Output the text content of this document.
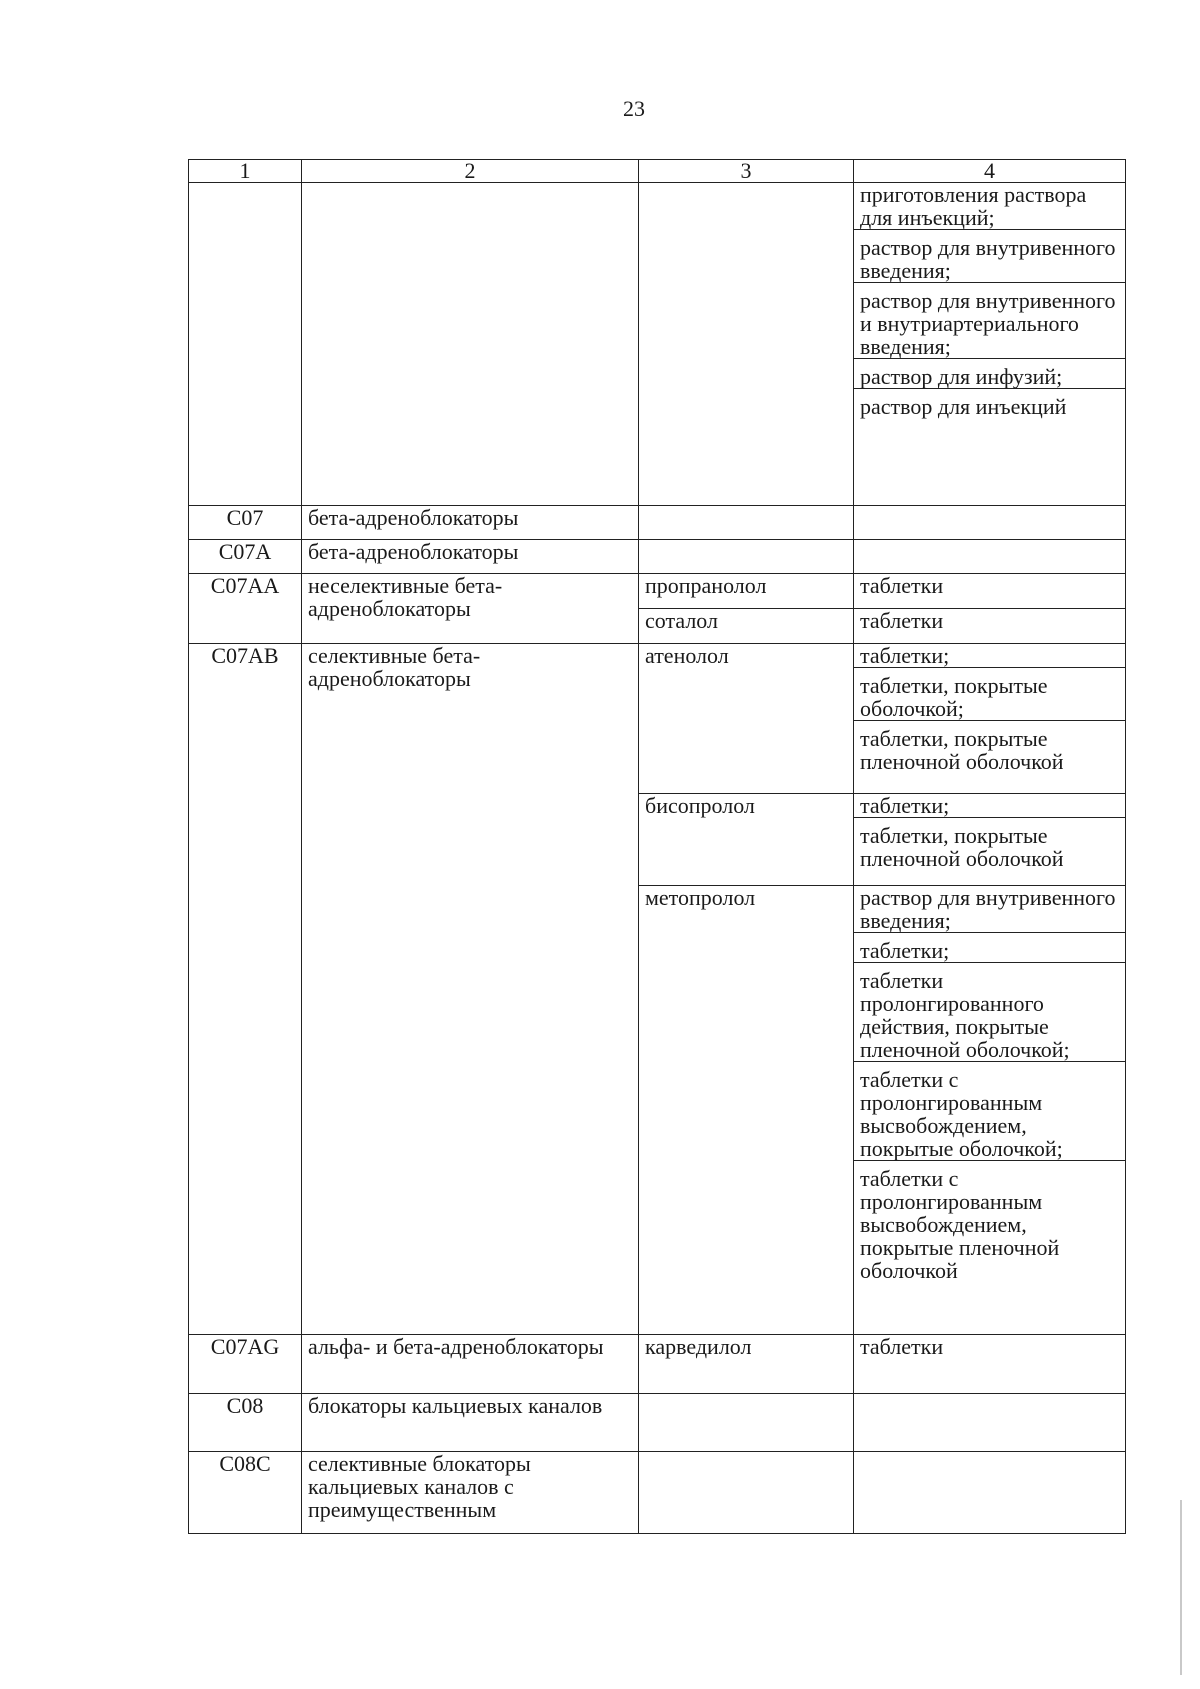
23
1	2	3	4

			приготовления раствора для инъекций;
раствор для внутривенного введения;
раствор для внутривенного и внутриартериального введения;
раствор для инфузий;
раствор для инъекций

C07	бета-адреноблокаторы		
C07A	бета-адреноблокаторы		
C07AA	неселективные бета-адреноблокаторы	пропранолол	таблетки
		соталол	таблетки
C07AB	селективные бета-адреноблокаторы	атенолол	таблетки;
таблетки, покрытые оболочкой;
таблетки, покрытые пленочной оболочкой

		бисопролол	таблетки;
таблетки, покрытые пленочной оболочкой

		метопролол	раствор для внутривенного введения;
таблетки;
таблетки пролонгированного действия, покрытые пленочной оболочкой;
таблетки с пролонгированным высвобождением, покрытые оболочкой;
таблетки с пролонгированным высвобождением, покрытые пленочной оболочкой

C07AG	альфа- и бета-адреноблокаторы	карведилол	таблетки
C08	блокаторы кальциевых каналов		
C08C	селективные блокаторы кальциевых каналов с преимущественным		
